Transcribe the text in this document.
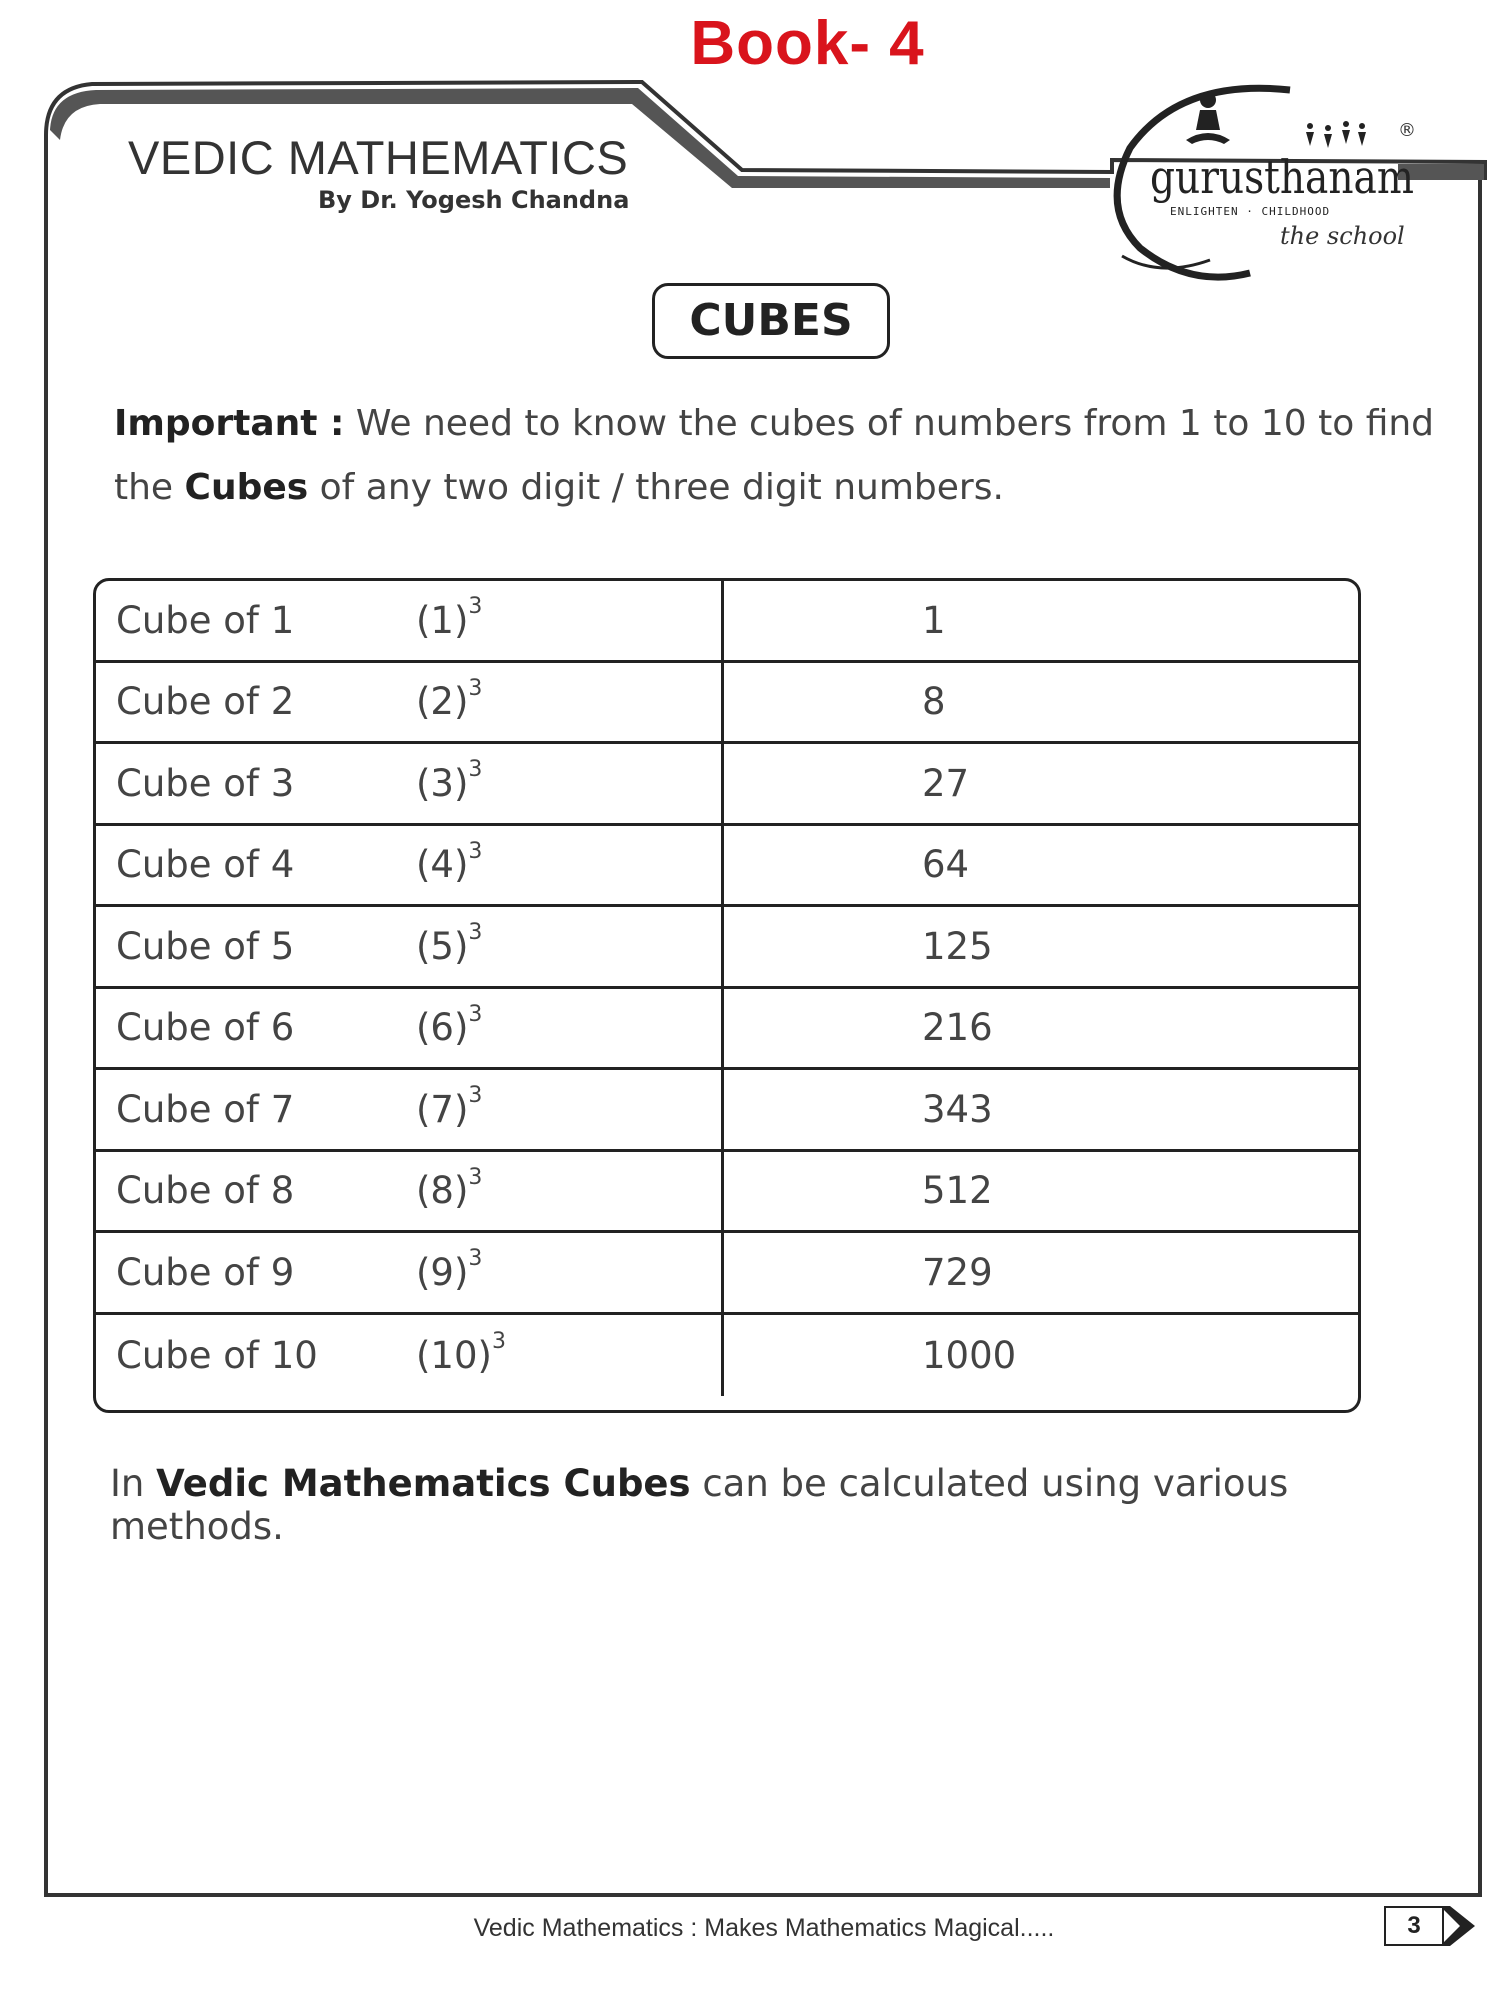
Book- 4
VEDIC MATHEMATICS
By Dr. Yogesh Chandna	gurusthanam
ENLIGHTEN · CHILDHOOD
the school
®
CUBES
Important : We need to know the cubes of numbers from 1 to 10 to find the Cubes of any two digit / three digit numbers.
Cube of 1	$(1)^3$	1
Cube of 2	$(2)^3$	8
Cube of 3	$(3)^3$	27
Cube of 4	$(4)^3$	64
Cube of 5	$(5)^3$	125
Cube of 6	$(6)^3$	216
Cube of 7	$(7)^3$	343
Cube of 8	$(8)^3$	512
Cube of 9	$(9)^3$	729
Cube of 10	$(10)^3$	1000
In Vedic Mathematics Cubes can be calculated using various methods.
Vedic Mathematics : Makes Mathematics Magical.....	3
